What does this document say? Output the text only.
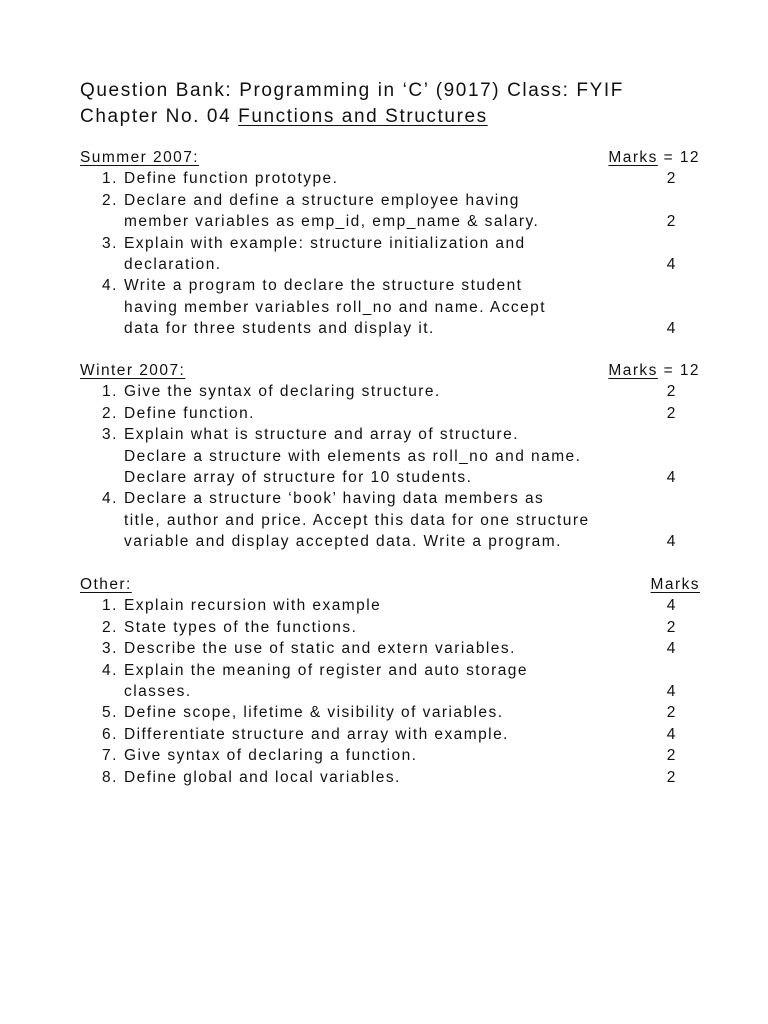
Question Bank: Programming in ‘C’ (9017) Class: FYIF
Chapter No. 04 Functions and Structures
Summer 2007:	Marks = 12
1. Define function prototype.	2
2. Declare and define a structure employee having
member variables as emp_id, emp_name & salary.	2
3. Explain with example: structure initialization and
declaration.	4
4. Write a program to declare the structure student
having member variables roll_no and name. Accept
data for three students and display it.	4
Winter 2007:	Marks = 12
1. Give the syntax of declaring structure.	2
2. Define function.	2
3. Explain what is structure and array of structure.
Declare a structure with elements as roll_no and name.
Declare array of structure for 10 students.	4
4. Declare a structure ‘book’ having data members as
title, author and price. Accept this data for one structure
variable and display accepted data. Write a program.	4
Other:	Marks
1. Explain recursion with example	4
2. State types of the functions.	2
3. Describe the use of static and extern variables.	4
4. Explain the meaning of register and auto storage
classes.	4
5. Define scope, lifetime & visibility of variables.	2
6. Differentiate structure and array with example.	4
7. Give syntax of declaring a function.	2
8. Define global and local variables.	2
